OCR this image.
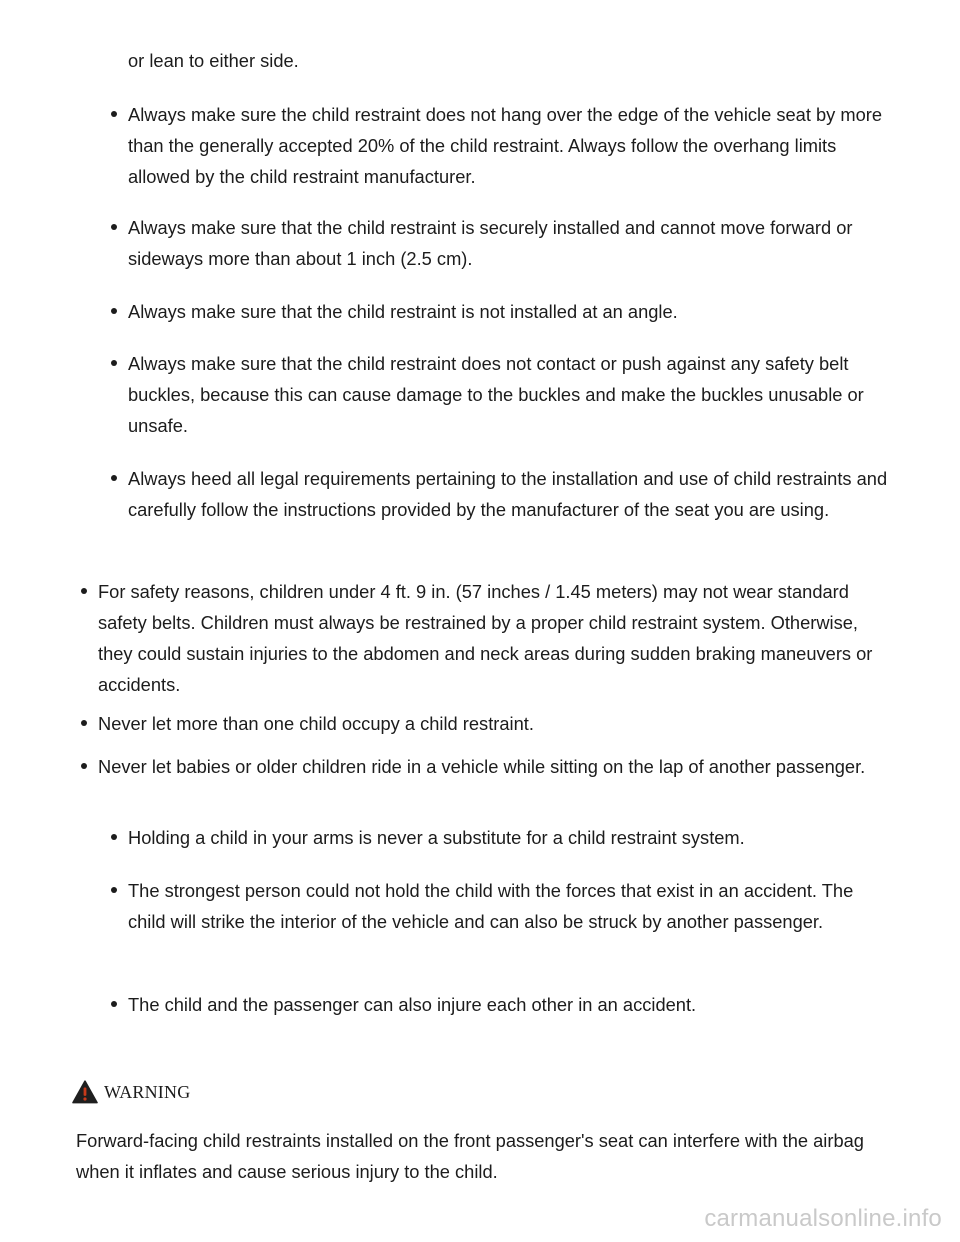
or lean to either side.

Always make sure the child restraint does not hang over the edge of the vehicle seat by more than the generally accepted 20% of the child restraint. Always follow the overhang limits allowed by the child restraint manufacturer.
Always make sure that the child restraint is securely installed and cannot move forward or sideways more than about 1 inch (2.5 cm).
Always make sure that the child restraint is not installed at an angle.
Always make sure that the child restraint does not contact or push against any safety belt buckles, because this can cause damage to the buckles and make the buckles unusable or unsafe.
Always heed all legal requirements pertaining to the installation and use of child restraints and carefully follow the instructions provided by the manufacturer of the seat you are using.
For safety reasons, children under 4 ft. 9 in. (57 inches / 1.45 meters) may not wear standard safety belts. Children must always be restrained by a proper child restraint system. Otherwise, they could sustain injuries to the abdomen and neck areas during sudden braking maneuvers or accidents.
Never let more than one child occupy a child restraint.
Never let babies or older children ride in a vehicle while sitting on the lap of another passenger.
Holding a child in your arms is never a substitute for a child restraint system.
The strongest person could not hold the child with the forces that exist in an accident. The child will strike the interior of the vehicle and can also be struck by another passenger.
The child and the passenger can also injure each other in an accident.
WARNING

Forward-facing child restraints installed on the front passenger's seat can interfere with the airbag when it inflates and cause serious injury to the child.

carmanualsonline.info
